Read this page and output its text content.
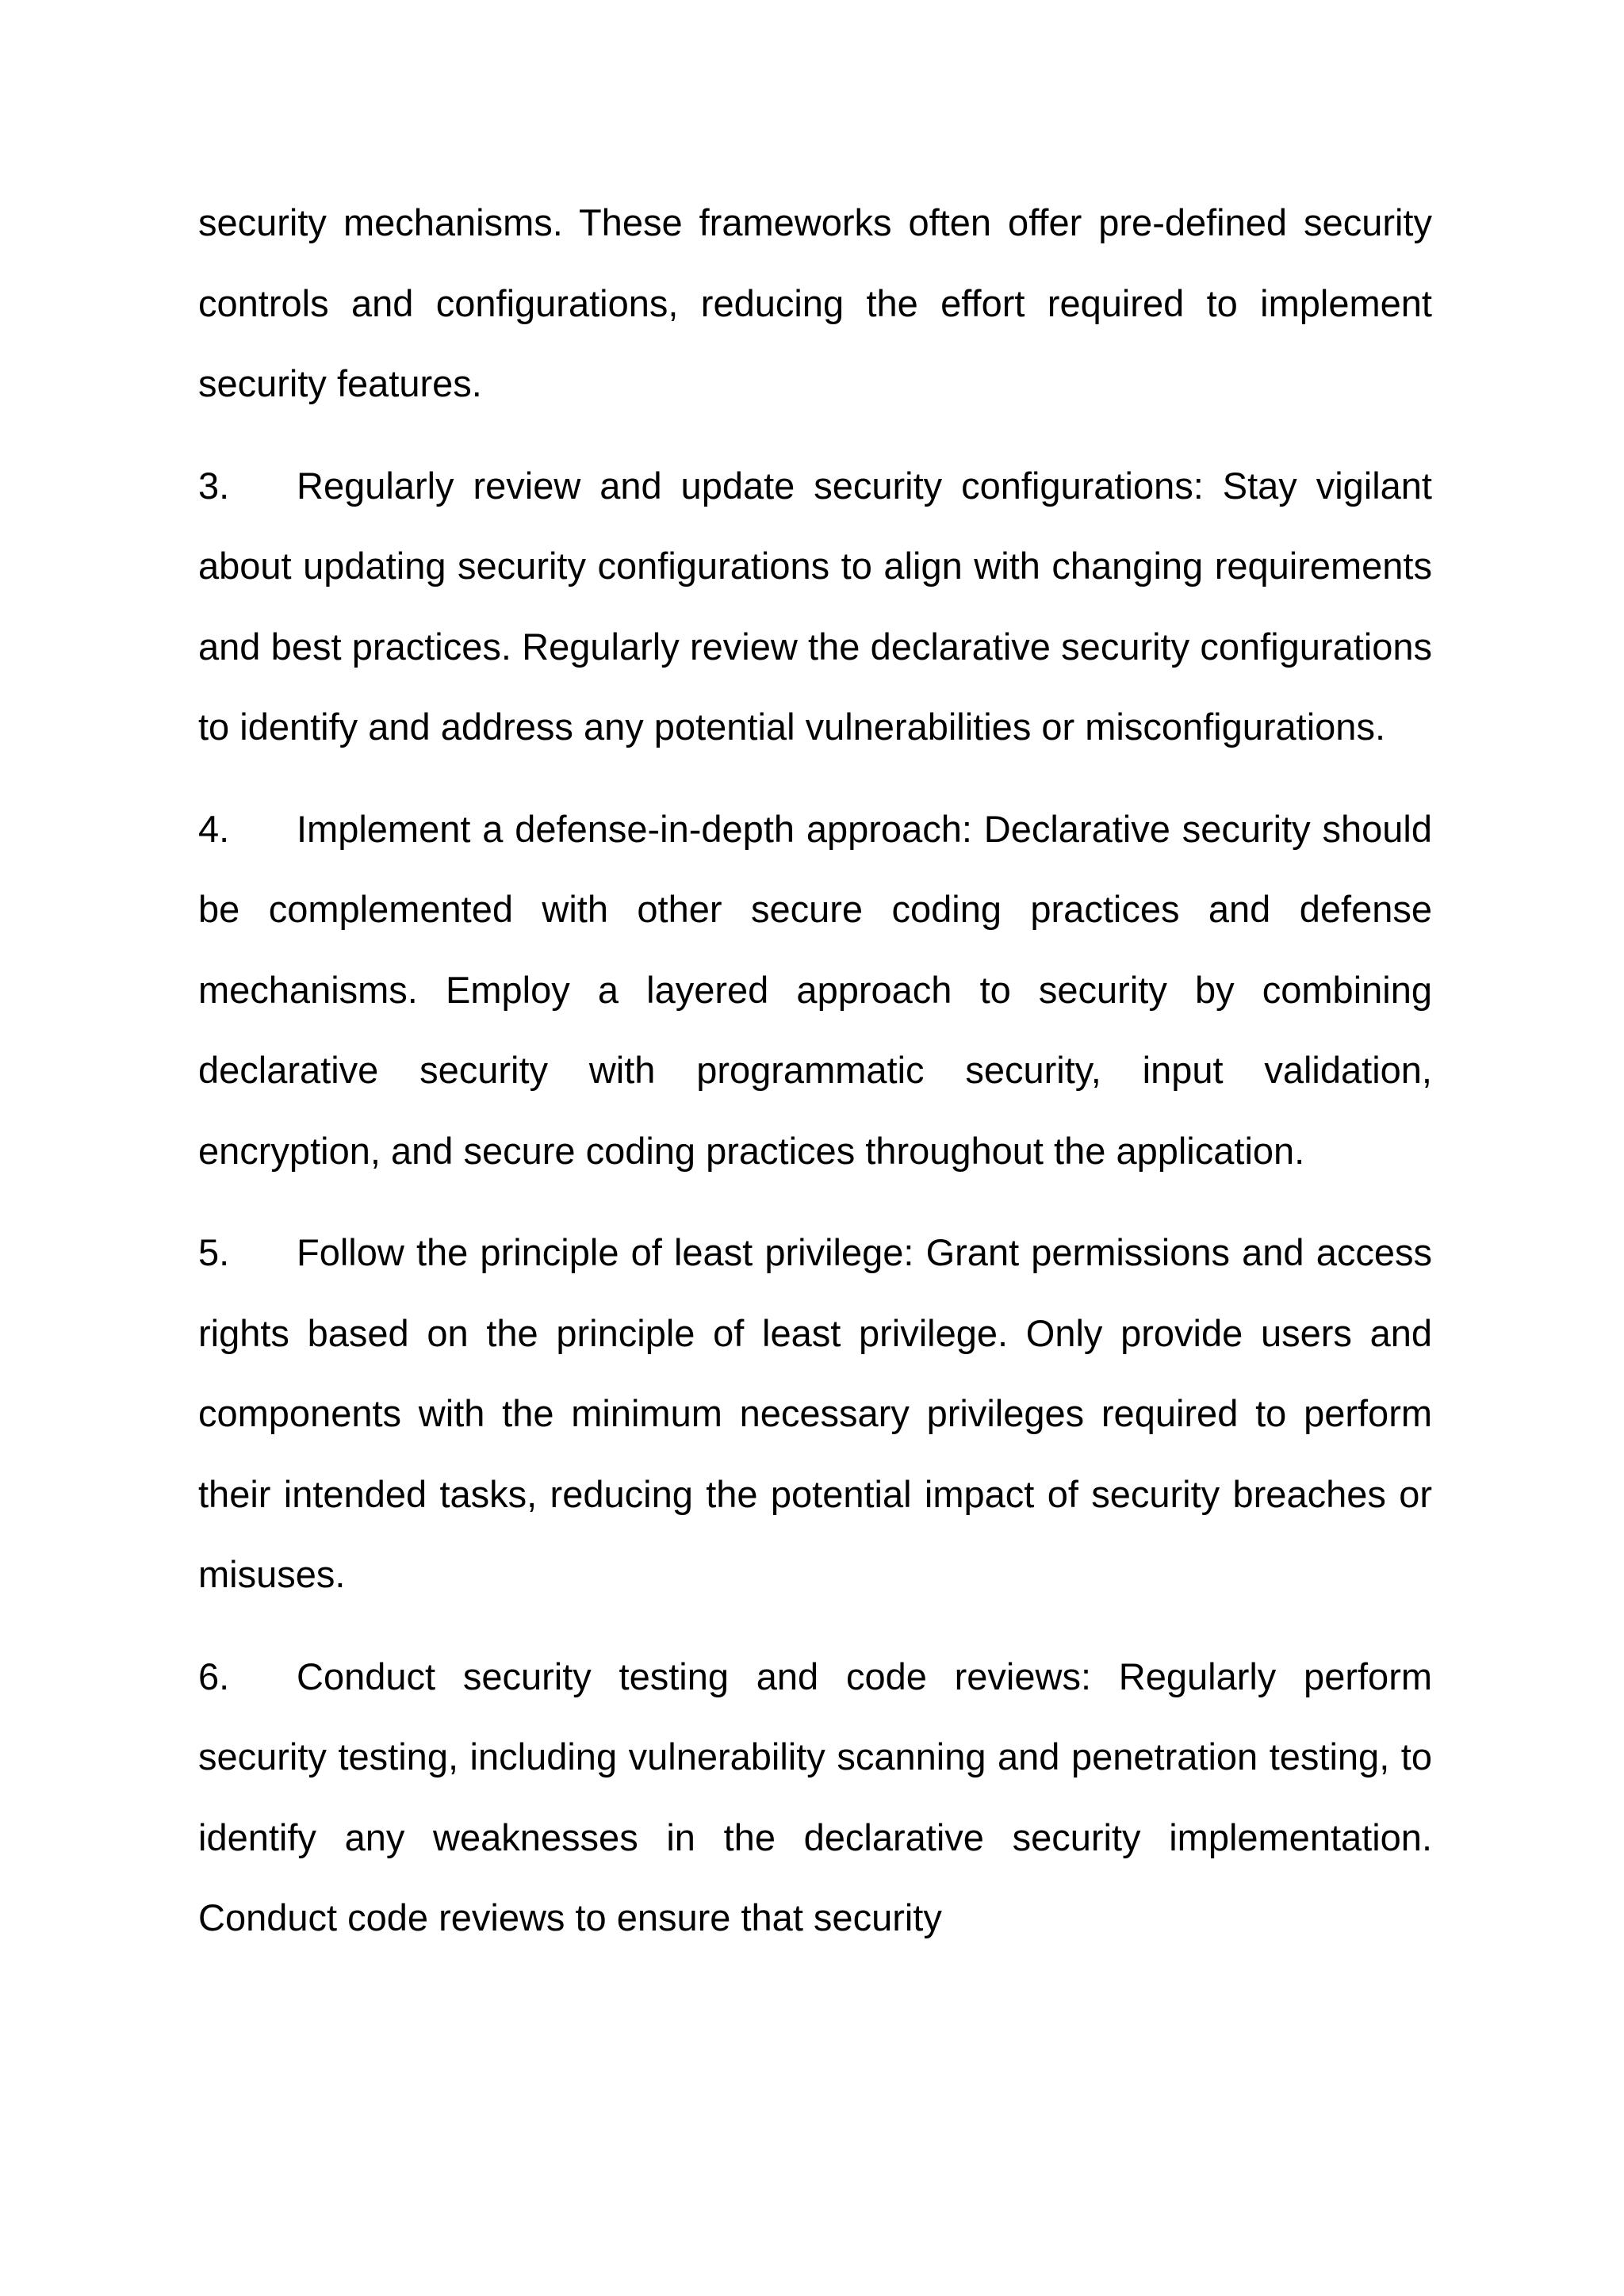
security mechanisms. These frameworks often offer pre-defined security controls and configurations, reducing the effort required to implement security features.

3. Regularly review and update security configurations: Stay vigilant about updating security configurations to align with changing requirements and best practices. Regularly review the declarative security configurations to identify and address any potential vulnerabilities or misconfigurations.

4. Implement a defense-in-depth approach: Declarative security should be complemented with other secure coding practices and defense mechanisms. Employ a layered approach to security by combining declarative security with programmatic security, input validation, encryption, and secure coding practices throughout the application.

5. Follow the principle of least privilege: Grant permissions and access rights based on the principle of least privilege. Only provide users and components with the minimum necessary privileges required to perform their intended tasks, reducing the potential impact of security breaches or misuses.

6. Conduct security testing and code reviews: Regularly perform security testing, including vulnerability scanning and penetration testing, to identify any weaknesses in the declarative security implementation. Conduct code reviews to ensure that security
